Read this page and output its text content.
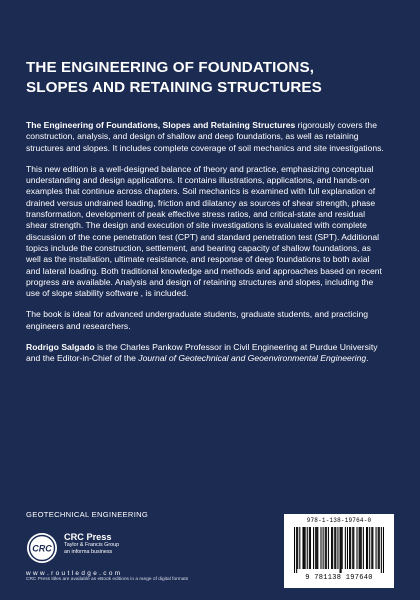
THE ENGINEERING OF FOUNDATIONS,
SLOPES AND RETAINING STRUCTURES

The Engineering of Foundations, Slopes and Retaining Structures rigorously covers the construction, analysis, and design of shallow and deep foundations, as well as retaining structures and slopes. It includes complete coverage of soil mechanics and site investigations.

This new edition is a well-designed balance of theory and practice, emphasizing conceptual understanding and design applications. It contains illustrations, applications, and hands-on examples that continue across chapters. Soil mechanics is examined with full explanation of drained versus undrained loading, friction and dilatancy as sources of shear strength, phase transformation, development of peak effective stress ratios, and critical-state and residual shear strength. The design and execution of site investigations is evaluated with complete discussion of the cone penetration test (CPT) and standard penetration test (SPT). Additional topics include the construction, settlement, and bearing capacity of shallow foundations, as well as the installation, ultimate resistance, and response of deep foundations to both axial and lateral loading. Both traditional knowledge and methods and approaches based on recent progress are available. Analysis and design of retaining structures and slopes, including the use of slope stability software , is included.

The book is ideal for advanced undergraduate students, graduate students, and practicing engineers and researchers.

Rodrigo Salgado is the Charles Pankow Professor in Civil Engineering at Purdue University and the Editor-in-Chief of the Journal of Geotechnical and Geoenvironmental Engineering.

GEOTECHNICAL ENGINEERING
CRC
CRC Press
Taylor & Francis Group
an informa business
w w w . r o u t l e d g e . c o m
CRC Press titles are available as eBook editions in a range of digital formats
978-1-138-19764-0
9 781138 197640
